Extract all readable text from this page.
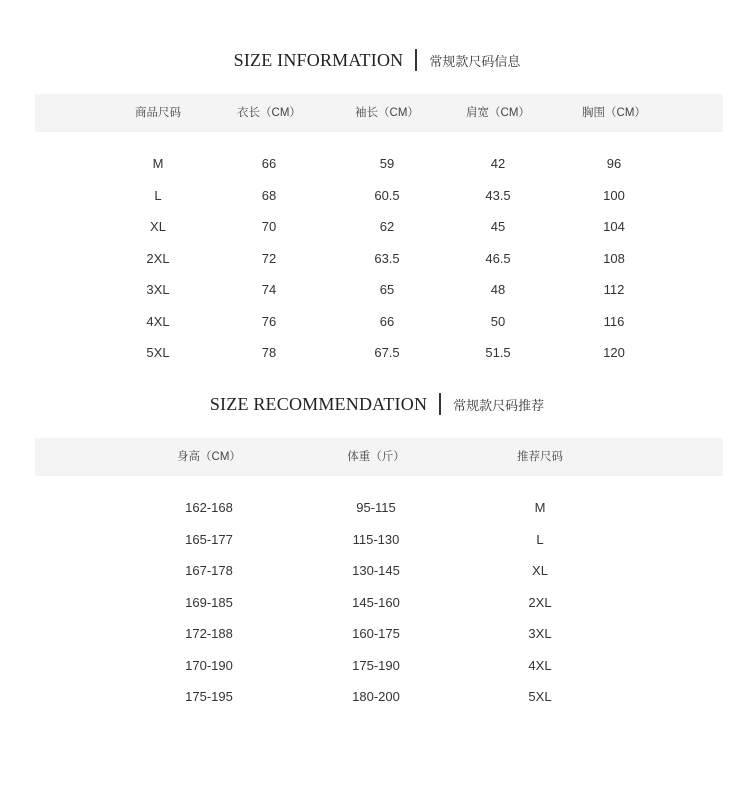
SIZE INFORMATION 常规款尺码信息
商品尺码	衣长（CM）	袖长（CM）	肩宽（CM）	胸围（CM）
M	66	59	42	96
L	68	60.5	43.5	100
XL	70	62	45	104
2XL	72	63.5	46.5	108
3XL	74	65	48	112
4XL	76	66	50	116
5XL	78	67.5	51.5	120
SIZE RECOMMENDATION 常规款尺码推荐
身高（CM）	体重（斤）	推荐尺码
162-168	95-115	M
165-177	115-130	L
167-178	130-145	XL
169-185	145-160	2XL
172-188	160-175	3XL
170-190	175-190	4XL
175-195	180-200	5XL
